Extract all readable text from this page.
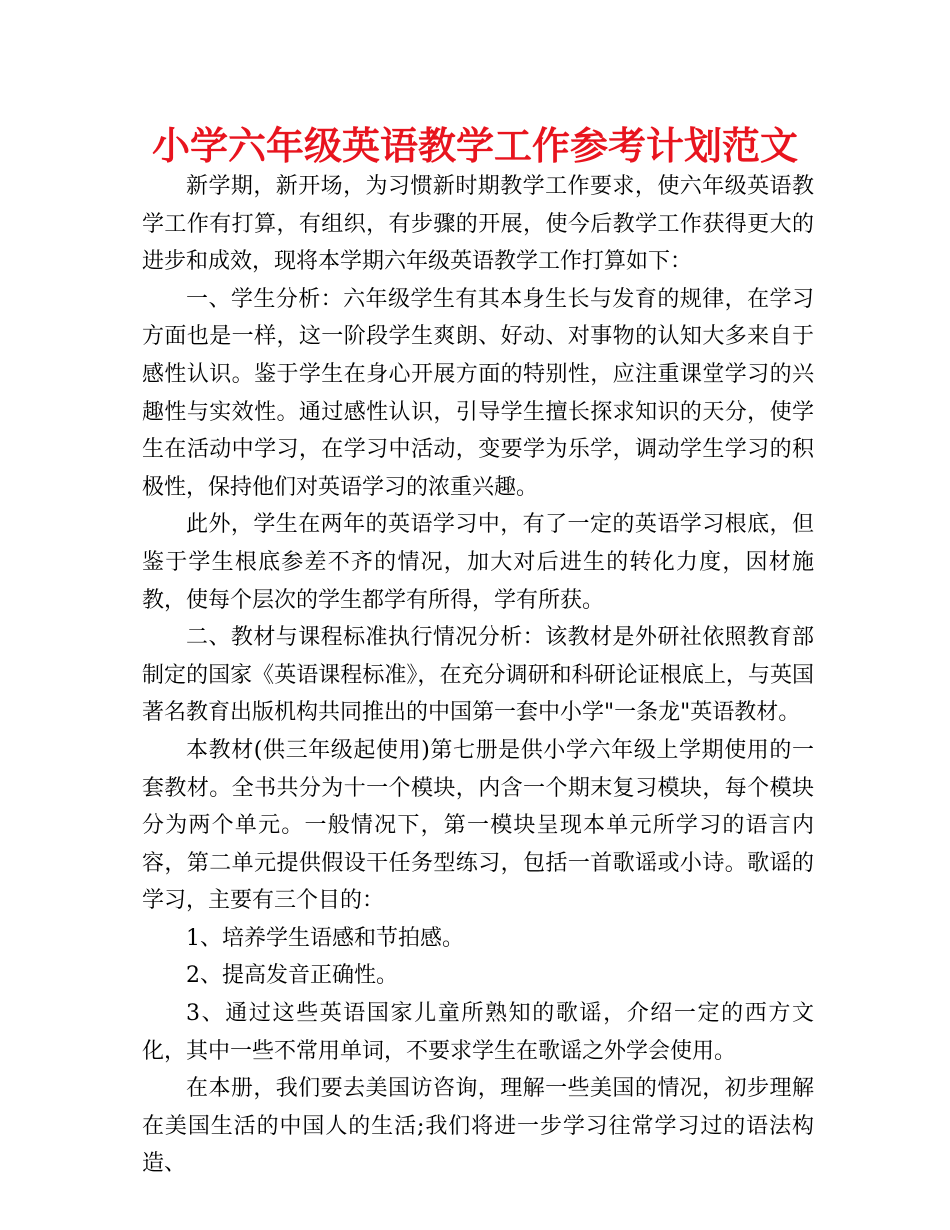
小学六年级英语教学工作参考计划范文

新学期，新开场，为习惯新时期教学工作要求，使六年级英语教学工作有打算，有组织，有步骤的开展，使今后教学工作获得更大的进步和成效，现将本学期六年级英语教学工作打算如下：

一、学生分析：六年级学生有其本身生长与发育的规律，在学习方面也是一样，这一阶段学生爽朗、好动、对事物的认知大多来自于感性认识。鉴于学生在身心开展方面的特别性，应注重课堂学习的兴趣性与实效性。通过感性认识，引导学生擅长探求知识的天分，使学生在活动中学习，在学习中活动，变要学为乐学，调动学生学习的积极性，保持他们对英语学习的浓重兴趣。

此外，学生在两年的英语学习中，有了一定的英语学习根底，但鉴于学生根底参差不齐的情况，加大对后进生的转化力度，因材施教，使每个层次的学生都学有所得，学有所获。

二、教材与课程标准执行情况分析：该教材是外研社依照教育部制定的国家《英语课程标准》，在充分调研和科研论证根底上，与英国著名教育出版机构共同推出的中国第一套中小学"一条龙"英语教材。

本教材(供三年级起使用)第七册是供小学六年级上学期使用的一套教材。全书共分为十一个模块，内含一个期末复习模块，每个模块分为两个单元。一般情况下，第一模块呈现本单元所学习的语言内容，第二单元提供假设干任务型练习，包括一首歌谣或小诗。歌谣的学习，主要有三个目的：

1、培养学生语感和节拍感。

2、提高发音正确性。

3、通过这些英语国家儿童所熟知的歌谣，介绍一定的西方文化，其中一些不常用单词，不要求学生在歌谣之外学会使用。

在本册，我们要去美国访咨询，理解一些美国的情况，初步理解在美国生活的中国人的生活;我们将进一步学习往常学习过的语法构造、
